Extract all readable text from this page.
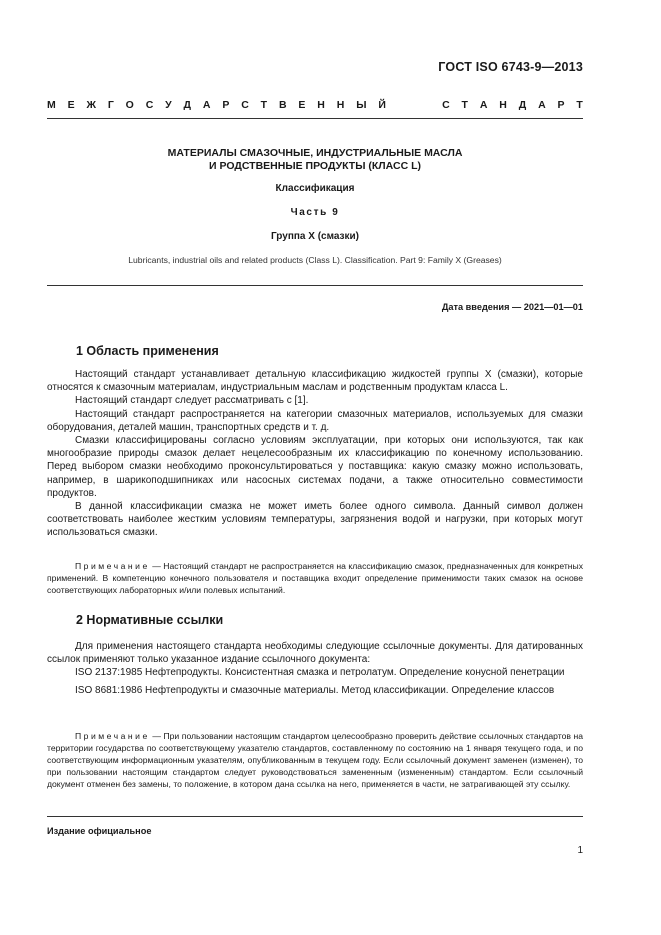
ГОСТ ISO 6743-9—2013
М Е Ж Г О С У Д А Р С Т В Е Н Н Ы Й

	С Т А Н Д А Р Т
МАТЕРИАЛЫ СМАЗОЧНЫЕ, ИНДУСТРИАЛЬНЫЕ МАСЛА
И РОДСТВЕННЫЕ ПРОДУКТЫ (КЛАСС L)
Классификация
Часть 9
Группа X (смазки)
Lubricants, industrial oils and related products (Class L). Classification. Part 9: Family X (Greases)
Дата введения — 2021—01—01
1 Область применения

Настоящий стандарт устанавливает детальную классификацию жидкостей группы X (смазки), которые относятся к смазочным материалам, индустриальным маслам и родственным продуктам класса L.

Настоящий стандарт следует рассматривать с [1].

Настоящий стандарт распространяется на категории смазочных материалов, используемых для смазки оборудования, деталей машин, транспортных средств и т. д.

Смазки классифицированы согласно условиям эксплуатации, при которых они используются, так как многообразие природы смазок делает нецелесообразным их классификацию по конечному использованию. Перед выбором смазки необходимо проконсультироваться у поставщика: какую смазку можно использовать, например, в шарикоподшипниках или насосных системах подачи, а также относительно совместимости продуктов.

В данной классификации смазка не может иметь более одного символа. Данный символ должен соответствовать наиболее жестким условиям температуры, загрязнения водой и нагрузки, при которых могут использоваться смазки.

Примечание — Настоящий стандарт не распространяется на классификацию смазок, предназначенных для конкретных применений. В компетенцию конечного пользователя и поставщика входит определение применимости таких смазок на основе соответствующих лабораторных и/или полевых испытаний.

2 Нормативные ссылки

Для применения настоящего стандарта необходимы следующие ссылочные документы. Для датированных ссылок применяют только указанное издание ссылочного документа:

ISO 2137:1985 Нефтепродукты. Консистентная смазка и петролатум. Определение конусной пенетрации

ISO 8681:1986 Нефтепродукты и смазочные материалы. Метод классификации. Определение классов

Примечание — При пользовании настоящим стандартом целесообразно проверить действие ссылочных стандартов на территории государства по соответствующему указателю стандартов, составленному по состоянию на 1 января текущего года, и по соответствующим информационным указателям, опубликованным в текущем году. Если ссылочный документ заменен (изменен), то при пользовании настоящим стандартом следует руководствоваться замененным (измененным) стандартом. Если ссылочный документ отменен без замены, то положение, в котором дана ссылка на него, применяется в части, не затрагивающей эту ссылку.

Издание официальное
1
